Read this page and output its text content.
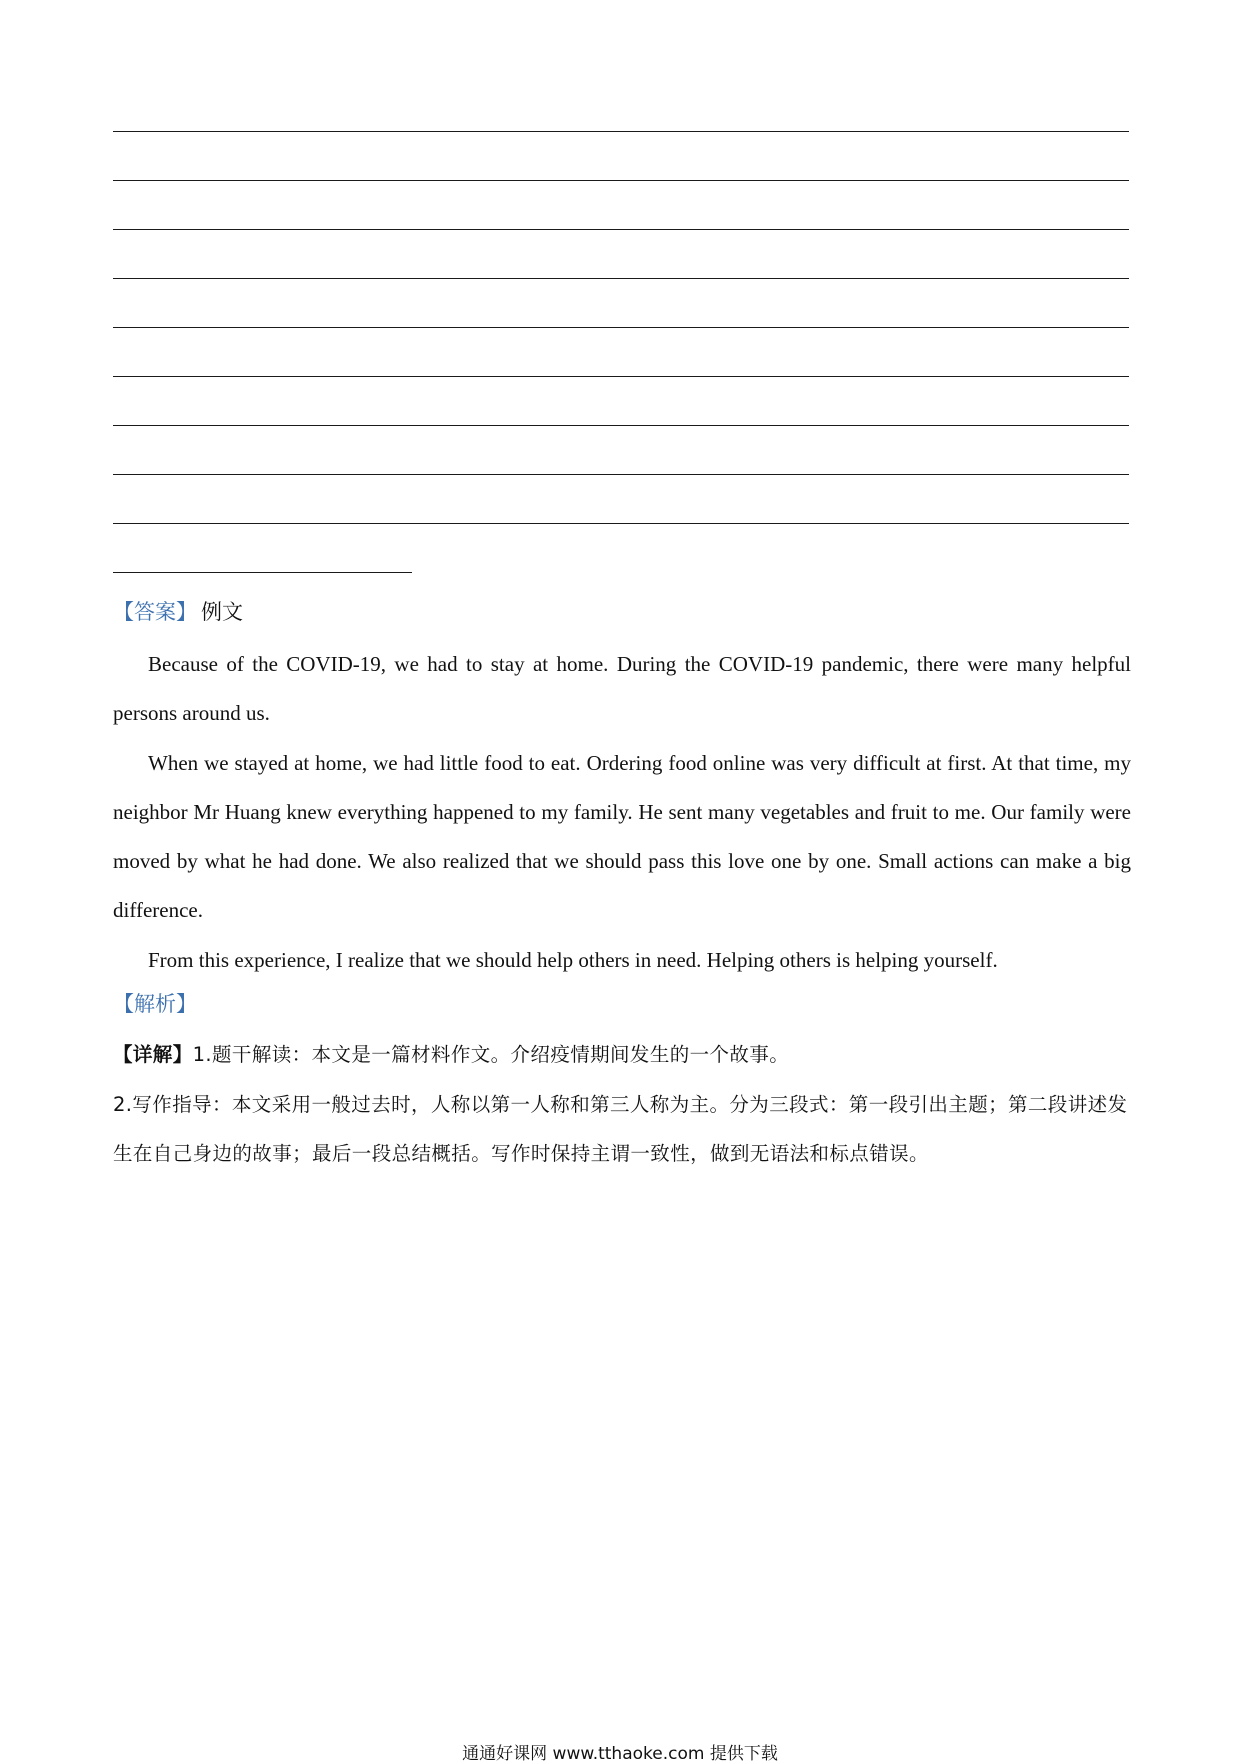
【答案】 例文

Because of the COVID-19, we had to stay at home. During the COVID-19 pandemic, there were many helpful persons around us.

When we stayed at home, we had little food to eat. Ordering food online was very difficult at first. At that time, my neighbor Mr Huang knew everything happened to my family. He sent many vegetables and fruit to me. Our family were moved by what he had done. We also realized that we should pass this love one by one. Small actions can make a big difference.

From this experience, I realize that we should help others in need. Helping others is helping yourself.

【解析】
【详解】1.题干解读：本文是一篇材料作文。介绍疫情期间发生的一个故事。
2.写作指导：本文采用一般过去时，人称以第一人称和第三人称为主。分为三段式：第一段引出主题；第二段讲述发生在自己身边的故事；最后一段总结概括。写作时保持主谓一致性，做到无语法和标点错误。
通通好课网 www.tthaoke.com 提供下载
